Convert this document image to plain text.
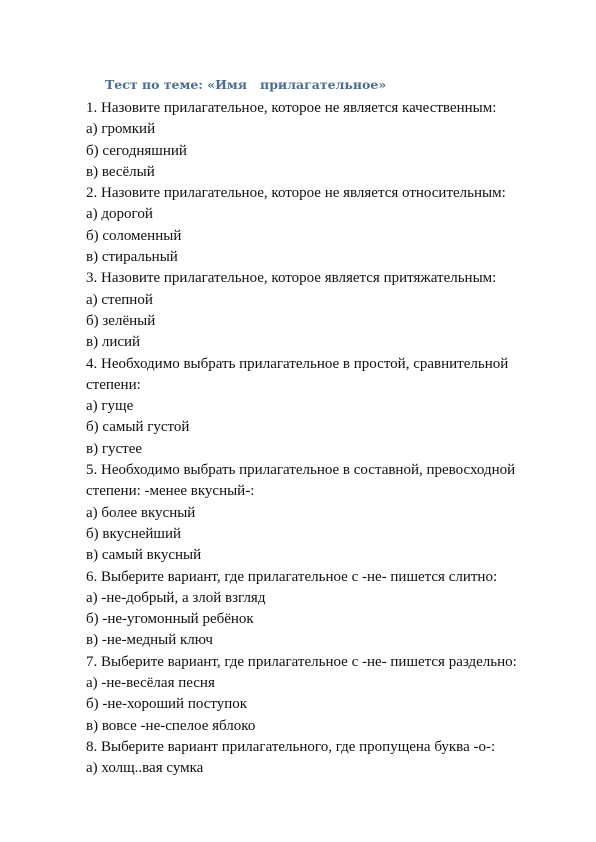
Тест по теме: «Имя   прилагательное»
1. Назовите прилагательное, которое не является качественным:
а) громкий
б) сегодняшний
в) весёлый
2. Назовите прилагательное, которое не является относительным:
а) дорогой
б) соломенный
в) стиральный
3. Назовите прилагательное, которое является притяжательным:
а) степной
б) зелёный
в) лисий
4. Необходимо выбрать прилагательное в простой, сравнительной
степени:
а) гуще
б) самый густой
в) густее
5. Необходимо выбрать прилагательное в составной, превосходной
степени: -менее вкусный-:
а) более вкусный
б) вкуснейший
в) самый вкусный
6. Выберите вариант, где прилагательное с -не- пишется слитно:
а) -не-добрый, а злой взгляд
б) -не-угомонный ребёнок
в) -не-медный ключ
7. Выберите вариант, где прилагательное с -не- пишется раздельно:
а) -не-весёлая песня
б) -не-хороший поступок
в) вовсе -не-спелое яблоко
8. Выберите вариант прилагательного, где пропущена буква -о-:
а) холщ..вая сумка
